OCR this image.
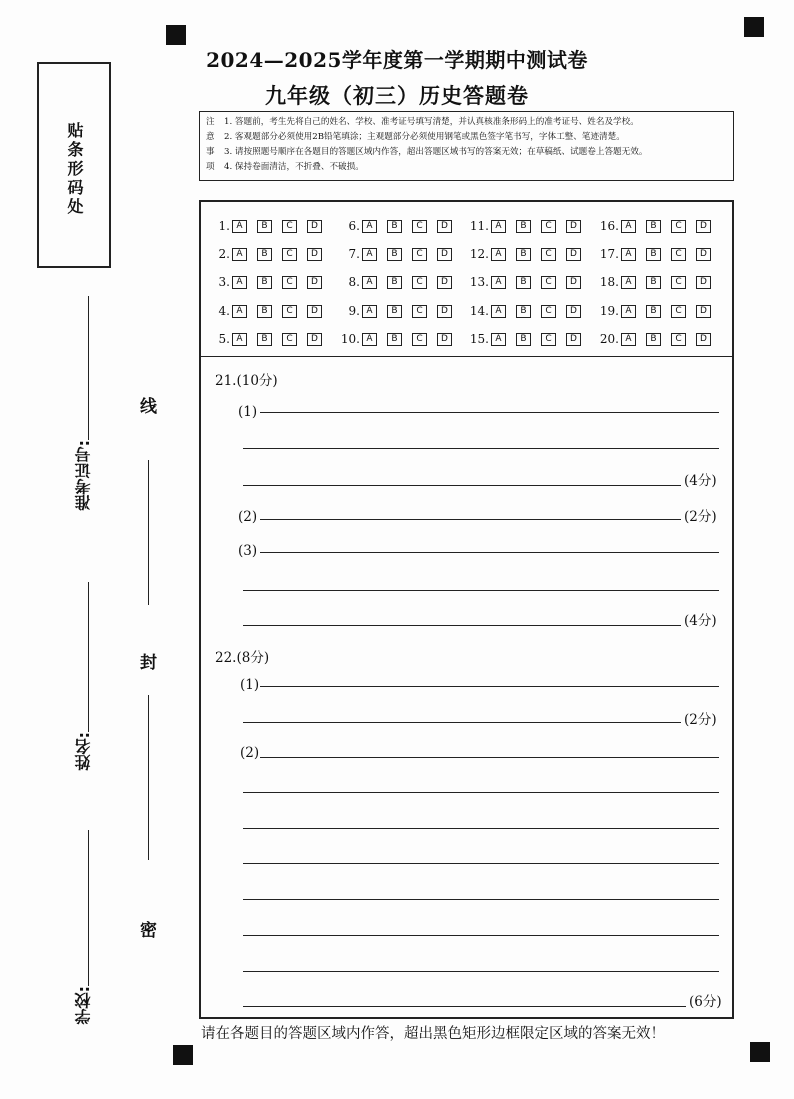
2024—2025学年度第一学期期中测试卷
九年级（初三）历史答题卷
注	1. 答题前，考生先将自己的姓名、学校、准考证号填写清楚，并认真核准条形码上的准考证号、姓名及学校。
意	2. 客观题部分必须使用2B铅笔填涂；主观题部分必须使用钢笔或黑色签字笔书写，字体工整、笔迹清楚。
事	3. 请按照题号顺序在各题目的答题区域内作答，超出答题区域书写的答案无效；在草稿纸、试题卷上答题无效。
项	4. 保持卷面清洁，不折叠、不破损。
贴条形码处
准考证号:
姓名:
学校:
线
封
密
1. A	B	C	D
2. A	B	C	D
3. A	B	C	D
4. A	B	C	D
5. A	B	C	D
6. A	B	C	D
7. A	B	C	D
8. A	B	C	D
9. A	B	C	D
10. A	B	C	D
11. A	B	C	D
12. A	B	C	D
13. A	B	C	D
14. A	B	C	D
15. A	B	C	D
16. A	B	C	D
17. A	B	C	D
18. A	B	C	D
19. A	B	C	D
20. A	B	C	D
21.(10分)
(1)
(4分)
(2)	(2分)
(3)
(4分)
22.(8分)
(1)
(2分)
(2)
(6分)
请在各题目的答题区域内作答，超出黑色矩形边框限定区域的答案无效！
